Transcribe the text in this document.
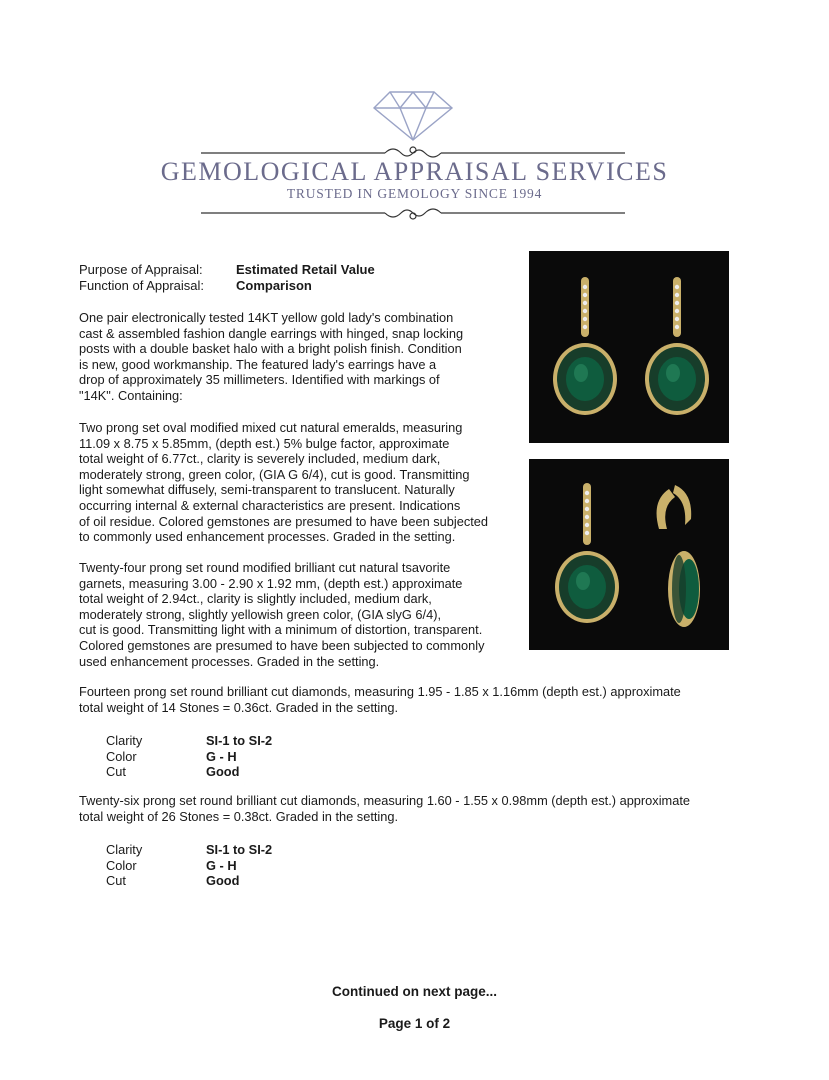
GEMOLOGICAL APPRAISAL SERVICES
TRUSTED IN GEMOLOGY SINCE 1994
Purpose of Appraisal:	Estimated Retail Value
Function of Appraisal:	Comparison

One pair electronically tested 14KT yellow gold lady's combination
cast & assembled fashion dangle earrings with hinged, snap locking
posts with a double basket halo with a bright polish finish. Condition
is new, good workmanship. The featured lady's earrings have a
drop of approximately 35 millimeters. Identified with markings of
"14K". Containing:

Two prong set oval modified mixed cut natural emeralds, measuring
11.09 x 8.75 x 5.85mm, (depth est.) 5% bulge factor, approximate
total weight of 6.77ct., clarity is severely included, medium dark,
moderately strong, green color, (GIA G 6/4), cut is good. Transmitting
light somewhat diffusely, semi-transparent to translucent. Naturally
occurring internal & external characteristics are present. Indications
of oil residue. Colored gemstones are presumed to have been subjected
to commonly used enhancement processes. Graded in the setting.

Twenty-four prong set round modified brilliant cut natural tsavorite
garnets, measuring 3.00 - 2.90 x 1.92 mm, (depth est.) approximate
total weight of 2.94ct., clarity is slightly included, medium dark,
moderately strong, slightly yellowish green color, (GIA slyG 6/4),
cut is good. Transmitting light with a minimum of distortion, transparent.
Colored gemstones are presumed to have been subjected to commonly
used enhancement processes. Graded in the setting.

Fourteen prong set round brilliant cut diamonds, measuring 1.95 - 1.85 x 1.16mm (depth est.) approximate
total weight of 14 Stones = 0.36ct. Graded in the setting.

Clarity	SI-1 to SI-2
Color	G - H
Cut	Good

Twenty-six prong set round brilliant cut diamonds, measuring 1.60 - 1.55 x 0.98mm (depth est.) approximate
total weight of 26 Stones = 0.38ct. Graded in the setting.

Clarity	SI-1 to SI-2
Color	G - H
Cut	Good
Continued on next page...
Page 1 of 2
